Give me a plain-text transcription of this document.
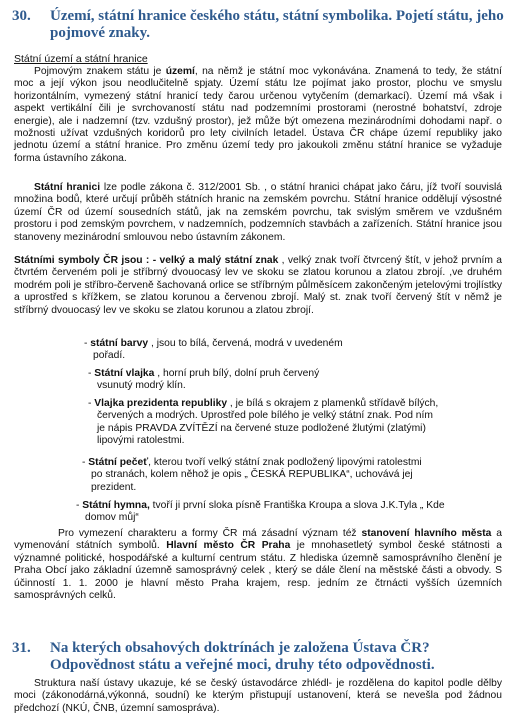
30. Území, státní hranice českého státu, státní symbolika. Pojetí státu, jeho pojmové znaky.
Státní území a státní hranice

Pojmovým znakem státu je území, na němž je státní moc vykonávána. Znamená to tedy, že státní moc a její výkon jsou neodlučitelně spjaty. Území státu lze pojímat jako prostor, plochu ve smyslu horizontálním, vymezený státní hranicí tedy čarou určenou vytyčením (demarkací). Území má však i aspekt vertikální čili je svrchovaností státu nad podzemními prostorami (nerostné bohatství, zdroje energie), ale i nadzemní (tzv. vzdušný prostor), jež může být omezena mezinárodními dohodami např. o možnosti užívat vzdušných koridorů pro lety civilních letadel. Ústava ČR chápe území republiky jako jednotu území a státní hranice. Pro změnu území tedy pro jakoukoli změnu státní hranice se vyžaduje forma ústavního zákona.

Státní hranici lze podle zákona č. 312/2001 Sb. , o státní hranici chápat jako čáru, jíž tvoří souvislá množina bodů, které určují průběh státních hranic na zemském povrchu. Státní hranice oddělují výsostné území ČR od území sousedních států, jak na zemském povrchu, tak svislým směrem ve vzdušném prostoru i pod zemským povrchem, v nadzemních, podzemních stavbách a zařízeních. Státní hranice jsou stanoveny mezinárodní smlouvou nebo ústavním zákonem.

Státními symboly ČR jsou : - velký a malý státní znak , velký znak tvoří čtvrcený štít, v jehož prvním a čtvrtém červeném poli je stříbrný dvouocasý lev ve skoku se zlatou korunou a zlatou zbrojí. ,ve druhém modrém poli je stříbro-červeně šachovaná orlice se stříbrným půlměsícem zakončeným jetelovými trojlístky a uprostřed s křížkem, se zlatou korunou a červenou zbrojí. Malý st. znak tvoří červený štít v němž je stříbrný dvouocasý lev ve skoku se zlatou korunou a zlatou zbrojí.

- státní barvy , jsou to bílá, červená, modrá v uvedeném pořadí.

- Státní vlajka , horní pruh bílý, dolní pruh červený vsunutý modrý klín.

- Vlajka prezidenta republiky , je bílá s okrajem z plamenků střídavě bílých, červených a modrých. Uprostřed pole bílého je velký státní znak. Pod ním je nápis PRAVDA ZVÍTĚZÍ na červené stuze podložené žlutými (zlatými) lipovými ratolestmi.

- Státní pečeť, kterou tvoří velký státní znak podložený lipovými ratolestmi po stranách, kolem něhož je opis „ ČESKÁ REPUBLIKA“, uchovává jej prezident.

- Státní hymna, tvoří ji první sloka písně Františka Kroupa a slova J.K.Tyla „ Kde domov můj“

Pro vymezení charakteru a formy ČR má zásadní význam též stanovení hlavního města a vymenování státních symbolů. Hlavní město ČR Praha je mnohasetletý symbol české státnosti a významné politické, hospodářské a kulturní centrum státu. Z hlediska územně samosprávního členění je Praha Obcí jako základní územně samosprávný celek , který se dále člení na městské části a obvody. S účinností 1. 1. 2000 je hlavní město Praha krajem, resp. jedním ze čtrnácti vyšších územních samosprávných celků.

31. Na kterých obsahových doktrínách je založena Ústava ČR? Odpovědnost státu a veřejné moci, druhy této odpovědnosti.

Struktura naší ústavy ukazuje, ké se český ústavodárce zhlédl- je rozdělena do kapitol podle dělby moci (zákonodárná,výkonná, soudní) ke kterým přistupují ustanovení, která se nevešla pod žádnou předchozí (NKÚ, ČNB, územní samospráva).
